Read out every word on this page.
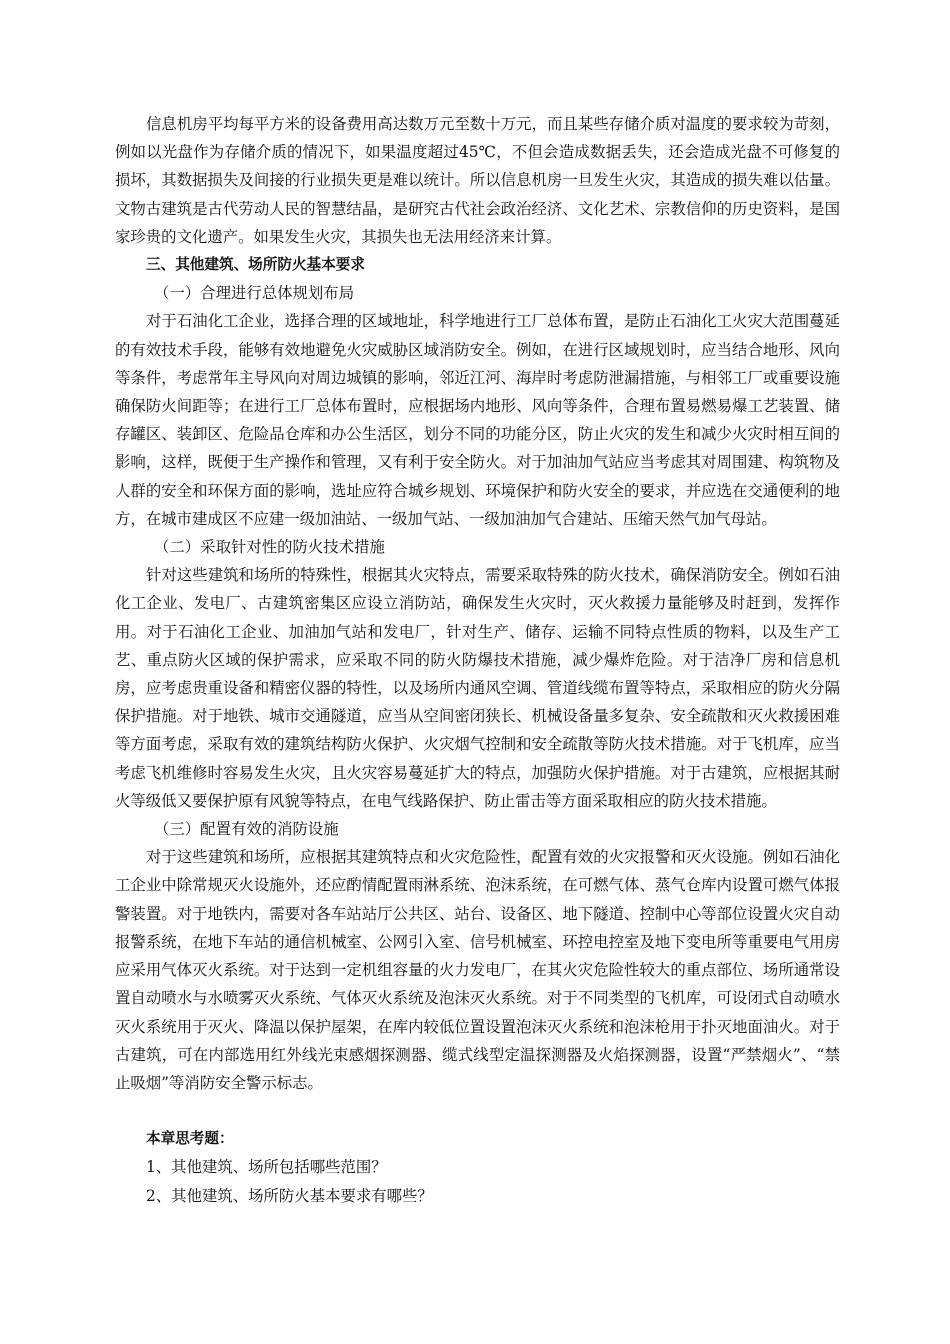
信息机房平均每平方米的设备费用高达数万元至数十万元，而且某些存储介质对温度的要求较为苛刻，例如以光盘作为存储介质的情况下，如果温度超过45℃，不但会造成数据丢失，还会造成光盘不可修复的损坏，其数据损失及间接的行业损失更是难以统计。所以信息机房一旦发生火灾，其造成的损失难以估量。文物古建筑是古代劳动人民的智慧结晶，是研究古代社会政治经济、文化艺术、宗教信仰的历史资料，是国家珍贵的文化遗产。如果发生火灾，其损失也无法用经济来计算。

三、其他建筑、场所防火基本要求

（一）合理进行总体规划布局

对于石油化工企业，选择合理的区域地址，科学地进行工厂总体布置，是防止石油化工火灾大范围蔓延的有效技术手段，能够有效地避免火灾威胁区域消防安全。例如，在进行区域规划时，应当结合地形、风向等条件，考虑常年主导风向对周边城镇的影响，邻近江河、海岸时考虑防泄漏措施，与相邻工厂或重要设施确保防火间距等；在进行工厂总体布置时，应根据场内地形、风向等条件，合理布置易燃易爆工艺装置、储存罐区、装卸区、危险品仓库和办公生活区，划分不同的功能分区，防止火灾的发生和减少火灾时相互间的影响，这样，既便于生产操作和管理，又有利于安全防火。对于加油加气站应当考虑其对周围建、构筑物及人群的安全和环保方面的影响，选址应符合城乡规划、环境保护和防火安全的要求，并应选在交通便利的地方，在城市建成区不应建一级加油站、一级加气站、一级加油加气合建站、压缩天然气加气母站。

（二）采取针对性的防火技术措施

针对这些建筑和场所的特殊性，根据其火灾特点，需要采取特殊的防火技术，确保消防安全。例如石油化工企业、发电厂、古建筑密集区应设立消防站，确保发生火灾时，灭火救援力量能够及时赶到，发挥作用。对于石油化工企业、加油加气站和发电厂，针对生产、储存、运输不同特点性质的物料，以及生产工艺、重点防火区域的保护需求，应采取不同的防火防爆技术措施，减少爆炸危险。对于洁净厂房和信息机房，应考虑贵重设备和精密仪器的特性，以及场所内通风空调、管道线缆布置等特点，采取相应的防火分隔保护措施。对于地铁、城市交通隧道，应当从空间密闭狭长、机械设备量多复杂、安全疏散和灭火救援困难等方面考虑，采取有效的建筑结构防火保护、火灾烟气控制和安全疏散等防火技术措施。对于飞机库，应当考虑飞机维修时容易发生火灾，且火灾容易蔓延扩大的特点，加强防火保护措施。对于古建筑，应根据其耐火等级低又要保护原有风貌等特点，在电气线路保护、防止雷击等方面采取相应的防火技术措施。

（三）配置有效的消防设施

对于这些建筑和场所，应根据其建筑特点和火灾危险性，配置有效的火灾报警和灭火设施。例如石油化工企业中除常规灭火设施外，还应酌情配置雨淋系统、泡沫系统，在可燃气体、蒸气仓库内设置可燃气体报警装置。对于地铁内，需要对各车站站厅公共区、站台、设备区、地下隧道、控制中心等部位设置火灾自动报警系统，在地下车站的通信机械室、公网引入室、信号机械室、环控电控室及地下变电所等重要电气用房应采用气体灭火系统。对于达到一定机组容量的火力发电厂，在其火灾危险性较大的重点部位、场所通常设置自动喷水与水喷雾灭火系统、气体灭火系统及泡沫灭火系统。对于不同类型的飞机库，可设闭式自动喷水灭火系统用于灭火、降温以保护屋架，在库内较低位置设置泡沫灭火系统和泡沫枪用于扑灭地面油火。对于古建筑，可在内部选用红外线光束感烟探测器、缆式线型定温探测器及火焰探测器，设置“严禁烟火”、“禁止吸烟”等消防安全警示标志。

本章思考题：

1、其他建筑、场所包括哪些范围？

2、其他建筑、场所防火基本要求有哪些？
